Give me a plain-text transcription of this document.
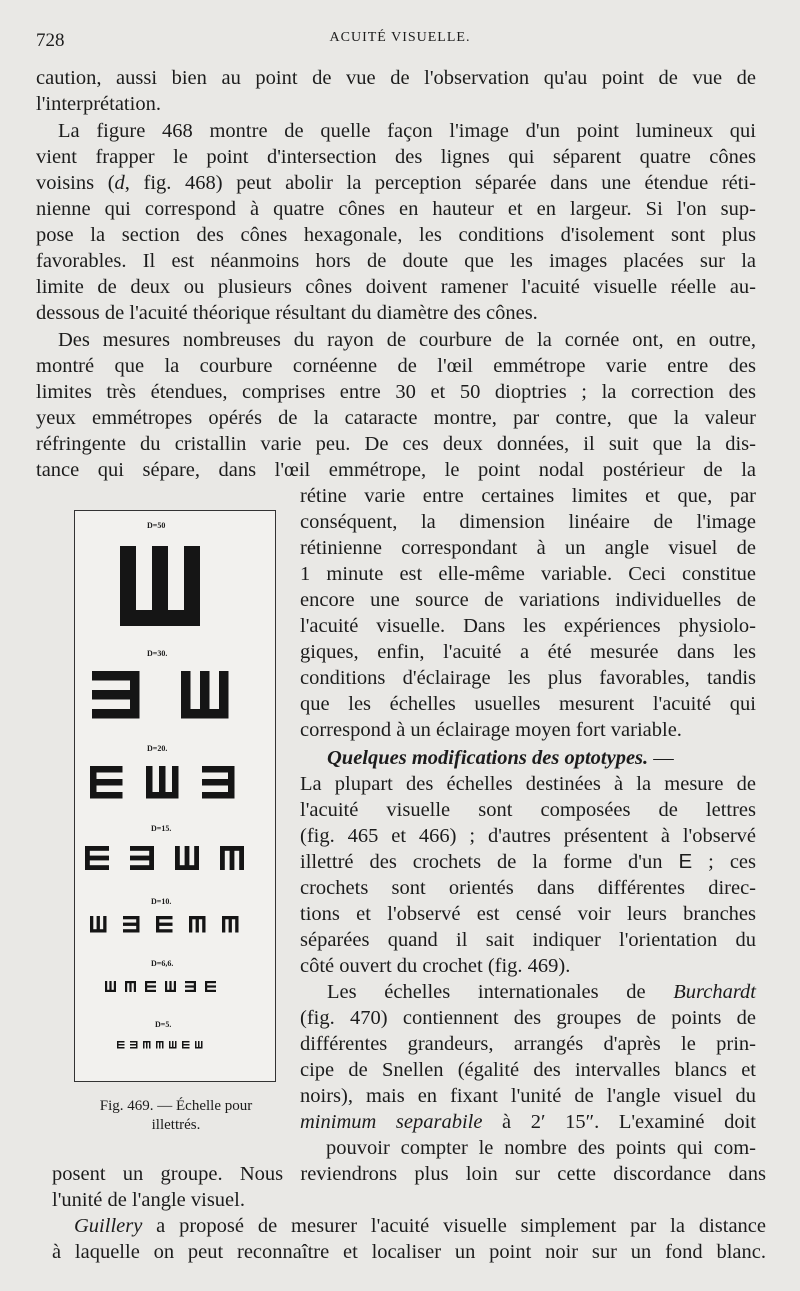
728	ACUITÉ VISUELLE.
caution, aussi bien au point de vue de l'observation qu'au point de vue de
l'interprétation.
La figure 468 montre de quelle façon l'image d'un point lumineux qui
vient frapper le point d'intersection des lignes qui séparent quatre cônes
voisins (d, fig. 468) peut abolir la perception séparée dans une étendue réti-
nienne qui correspond à quatre cônes en hauteur et en largeur. Si l'on sup-
pose la section des cônes hexagonale, les conditions d'isolement sont plus
favorables. Il est néanmoins hors de doute que les images placées sur la
limite de deux ou plusieurs cônes doivent ramener l'acuité visuelle réelle au-
dessous de l'acuité théorique résultant du diamètre des cônes.
Des mesures nombreuses du rayon de courbure de la cornée ont, en outre,
montré que la courbure cornéenne de l'œil emmétrope varie entre des
limites très étendues, comprises entre 30 et 50 dioptries ; la correction des
yeux emmétropes opérés de la cataracte montre, par contre, que la valeur
réfringente du cristallin varie peu. De ces deux données, il suit que la dis-
tance qui sépare, dans l'œil emmétrope, le point nodal postérieur de la
rétine varie entre certaines limites et que, par
conséquent, la dimension linéaire de l'image
rétinienne correspondant à un angle visuel de
1 minute est elle-même variable. Ceci constitue
encore une source de variations individuelles de
l'acuité visuelle. Dans les expériences physiolo-
giques, enfin, l'acuité a été mesurée dans les
conditions d'éclairage les plus favorables, tandis
que les échelles usuelles mesurent l'acuité qui
correspond à un éclairage moyen fort variable.
Quelques modifications des optotypes. —
La plupart des échelles destinées à la mesure de
l'acuité visuelle sont composées de lettres
(fig. 465 et 466) ; d'autres présentent à l'observé
illettré des crochets de la forme d'un E ; ces
crochets sont orientés dans différentes direc-
tions et l'observé est censé voir leurs branches
séparées quand il sait indiquer l'orientation du
côté ouvert du crochet (fig. 469).
Les échelles internationales de Burchardt
(fig. 470) contiennent des groupes de points de
différentes grandeurs, arrangés d'après le prin-
cipe de Snellen (égalité des intervalles blancs et
noirs), mais en fixant l'unité de l'angle visuel du
minimum separabile à 2′ 15″. L'examiné doit
pouvoir compter le nombre des points qui com-
posent un groupe. Nous reviendrons plus loin sur cette discordance dans
l'unité de l'angle visuel.
Guillery a proposé de mesurer l'acuité visuelle simplement par la distance
à laquelle on peut reconnaître et localiser un point noir sur un fond blanc.
D=50
D=30.
D=20.
D=15.
D=10.
D=6,6.
D=5.
Fig. 469. — Échelle pour
illettrés.
